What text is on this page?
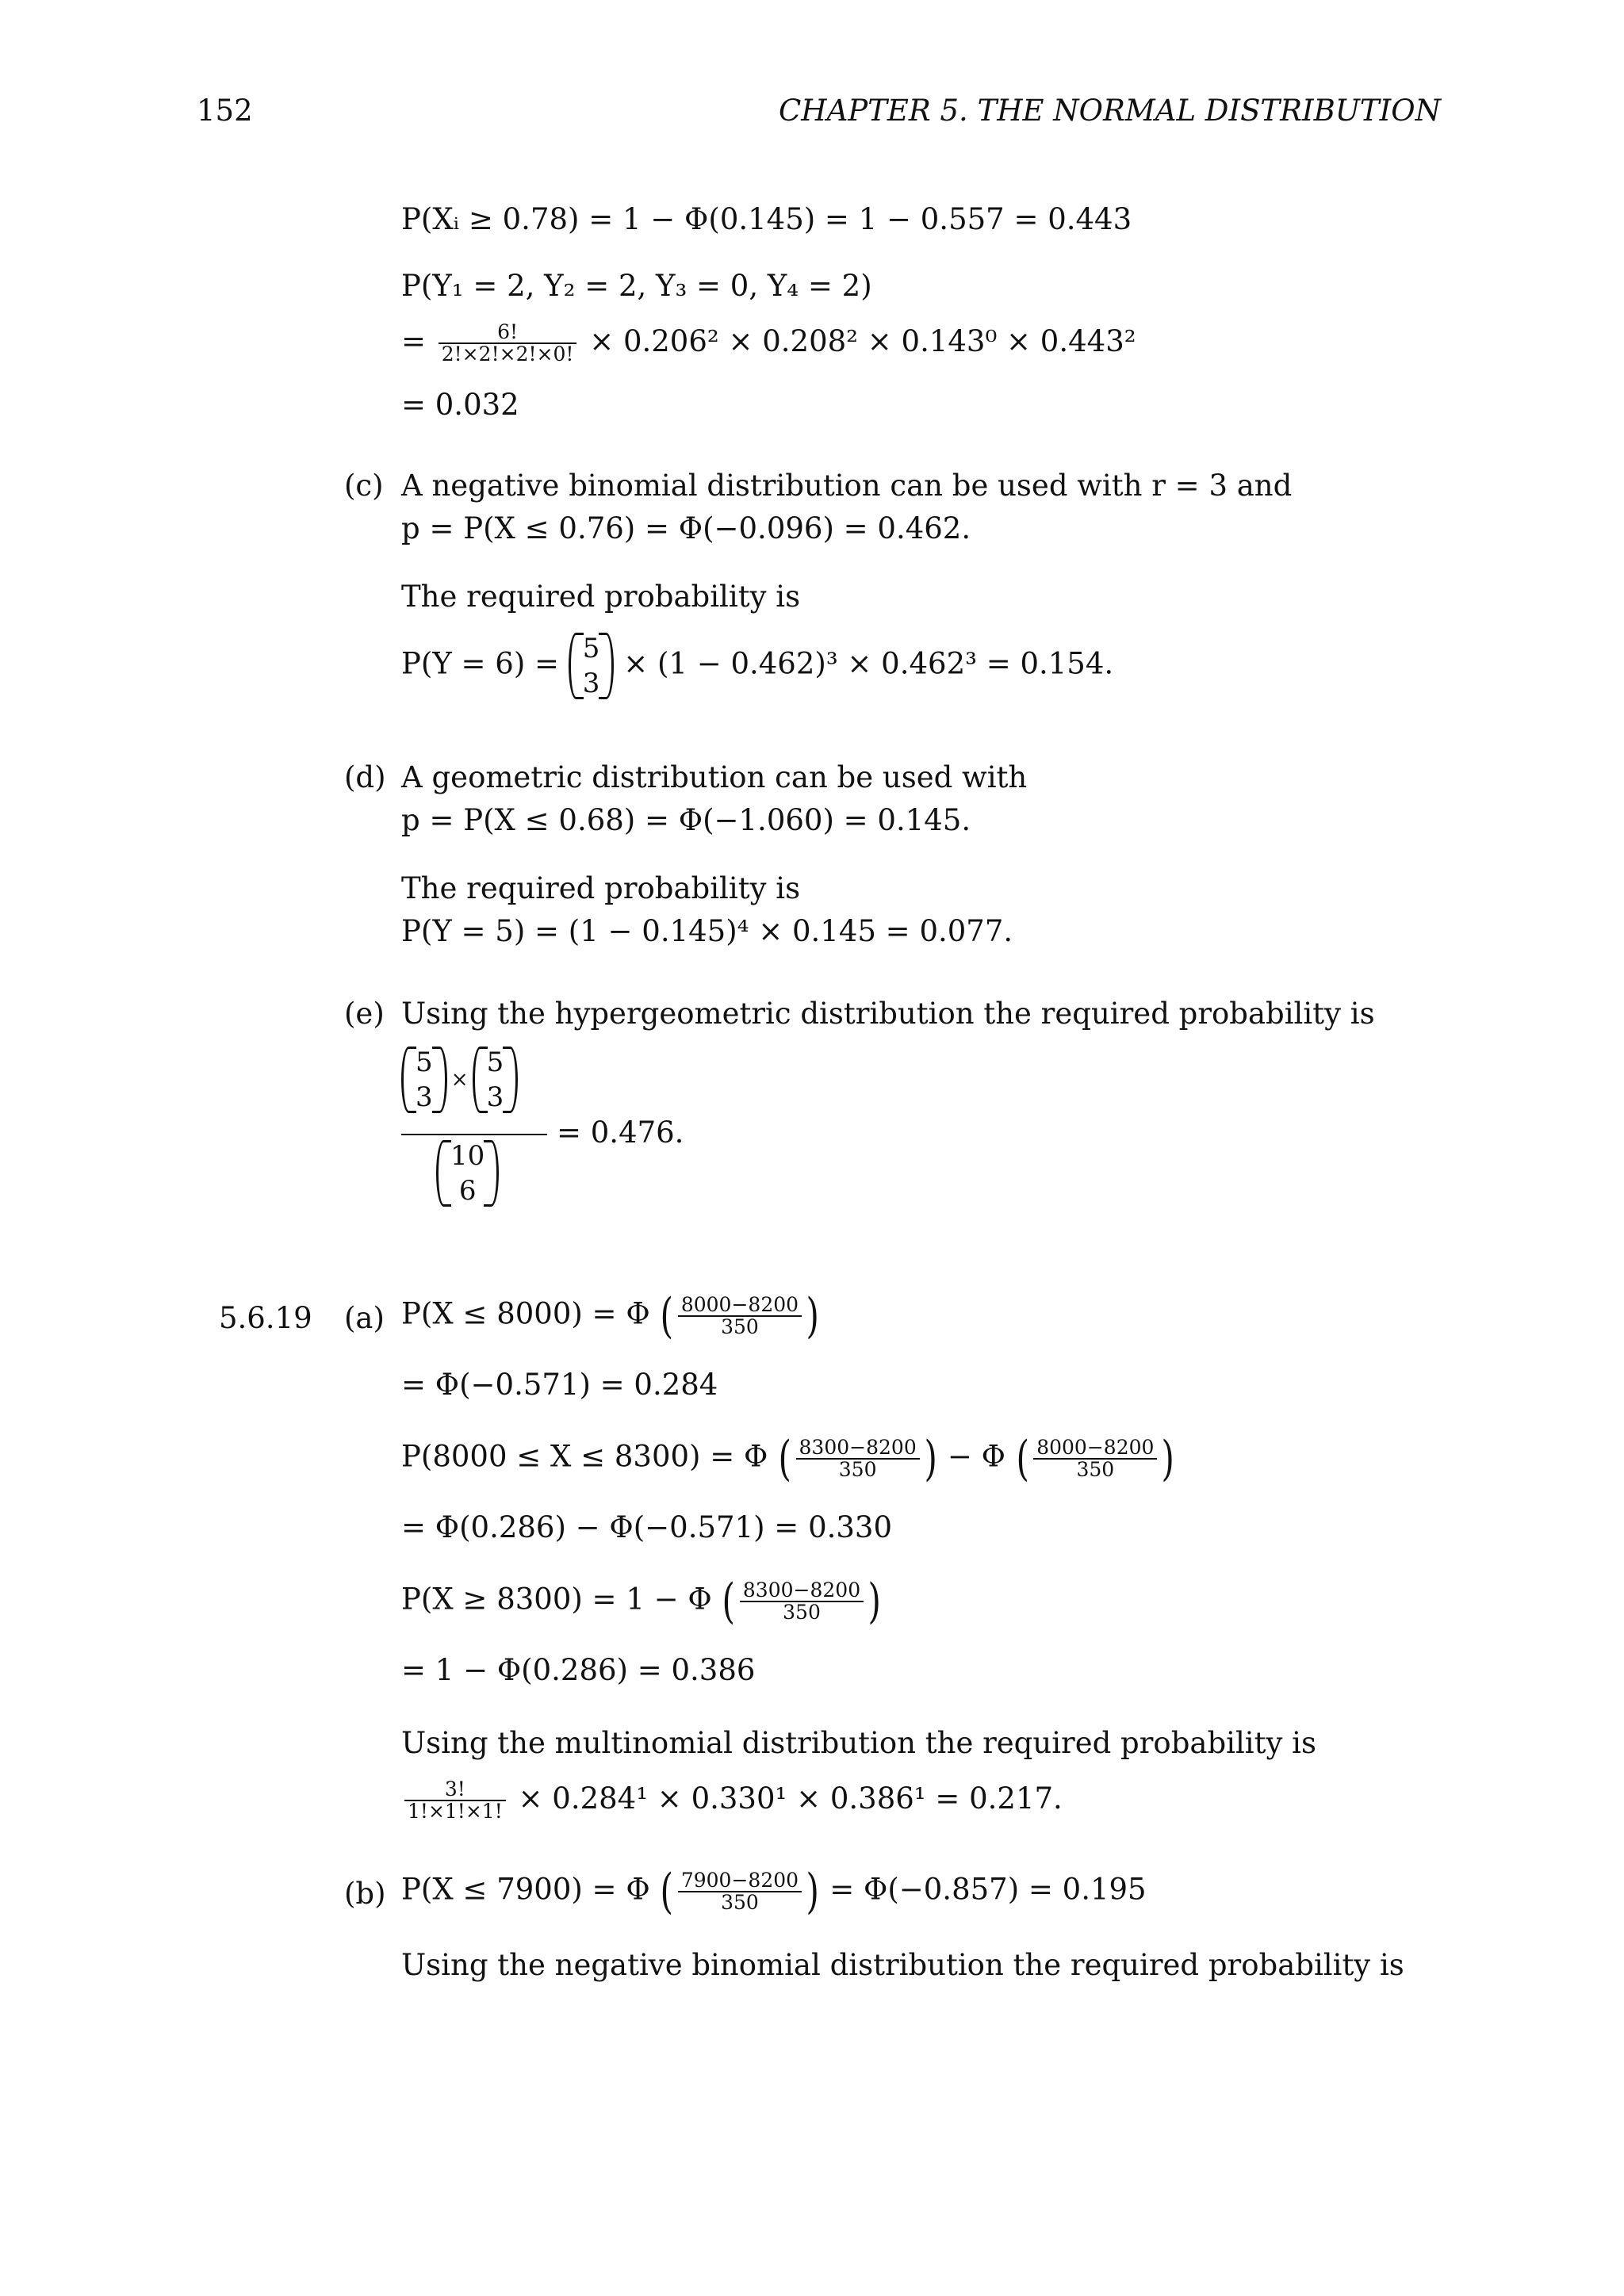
152	CHAPTER 5. THE NORMAL DISTRIBUTION
P(Xᵢ ≥ 0.78) = 1 − Φ(0.145) = 1 − 0.557 = 0.443
P(Y₁ = 2, Y₂ = 2, Y₃ = 0, Y₄ = 2)
= $\frac{6!}{2!\times 2!\times 2!\times 0!} \times 0.206^2 \times 0.208^2 \times 0.143^0 \times 0.443^2$
= 0.032
(c) A negative binomial distribution can be used with r = 3 and
p = P(X ≤ 0.76) = Φ(−0.096) = 0.462.
The required probability is
P(Y = 6) = 5
3
× (1 − 0.462)³ × 0.462³ = 0.154.
(d) A geometric distribution can be used with
p = P(X ≤ 0.68) = Φ(−1.060) = 0.145.
The required probability is
P(Y = 5) = (1 − 0.145)⁴ × 0.145 = 0.077.
(e) Using the hypergeometric distribution the required probability is
5
3
×
5
3
10
6
= 0.476.
5.6.19 (a) P(X ≤ 8000) = Φ ( $\frac{8000-8200}{350}$ )
= Φ(−0.571) = 0.284
P(8000 ≤ X ≤ 8300) = Φ ( $\frac{8300-8200}{350}$ ) − Φ ( $\frac{8000-8200}{350}$ )
= Φ(0.286) − Φ(−0.571) = 0.330
P(X ≥ 8300) = 1 − Φ ( $\frac{8300-8200}{350}$ )
= 1 − Φ(0.286) = 0.386
Using the multinomial distribution the required probability is
$\frac{3!}{1!\times 1!\times 1!} \times 0.284^1 \times 0.330^1 \times 0.386^1 = 0.217$.
(b) P(X ≤ 7900) = Φ ( $\frac{7900-8200}{350}$ ) = Φ(−0.857) = 0.195
Using the negative binomial distribution the required probability is
